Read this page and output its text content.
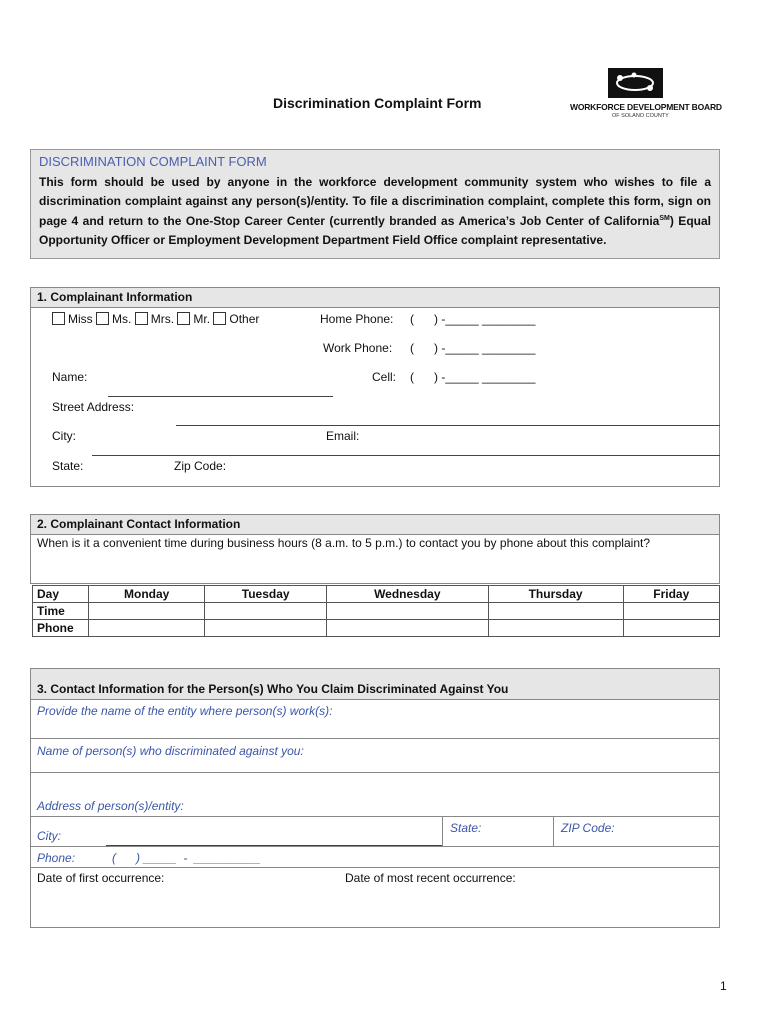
Discrimination Complaint Form	WORKFORCE DEVELOPMENT BOARD
OF SOLANO COUNTY
DISCRIMINATION COMPLAINT FORM
This form should be used by anyone in the workforce development community system who wishes to file a discrimination complaint against any person(s)/entity. To file a discrimination complaint, complete this form, sign on page 4 and return to the One-Stop Career Center (currently branded as America’s Job Center of California℠) Equal Opportunity Officer or Employment Development Department Field Office complaint representative.
1. Complainant Information
Miss Ms. Mrs. Mr. Other	Home Phone: (      ) -_____ ________
Work Phone: (      ) -_____ ________
Cell: (      ) -_____ ________
Name:
Street Address:
City:	Email:
State:	Zip Code:
2. Complainant Contact Information
When is it a convenient time during business hours (8 a.m. to 5 p.m.) to contact you by phone about this complaint?
Day	Monday	Tuesday	Wednesday	Thursday	Friday
Time					
Phone					
3. Contact Information for the Person(s) Who You Claim Discriminated Against You
Provide the name of the entity where person(s) work(s):
Name of person(s) who discriminated against you:
Address of person(s)/entity:
City:
State:	ZIP Code:
Phone:	(      ) _____  -  __________
Date of first occurrence:	Date of most recent occurrence:
1
